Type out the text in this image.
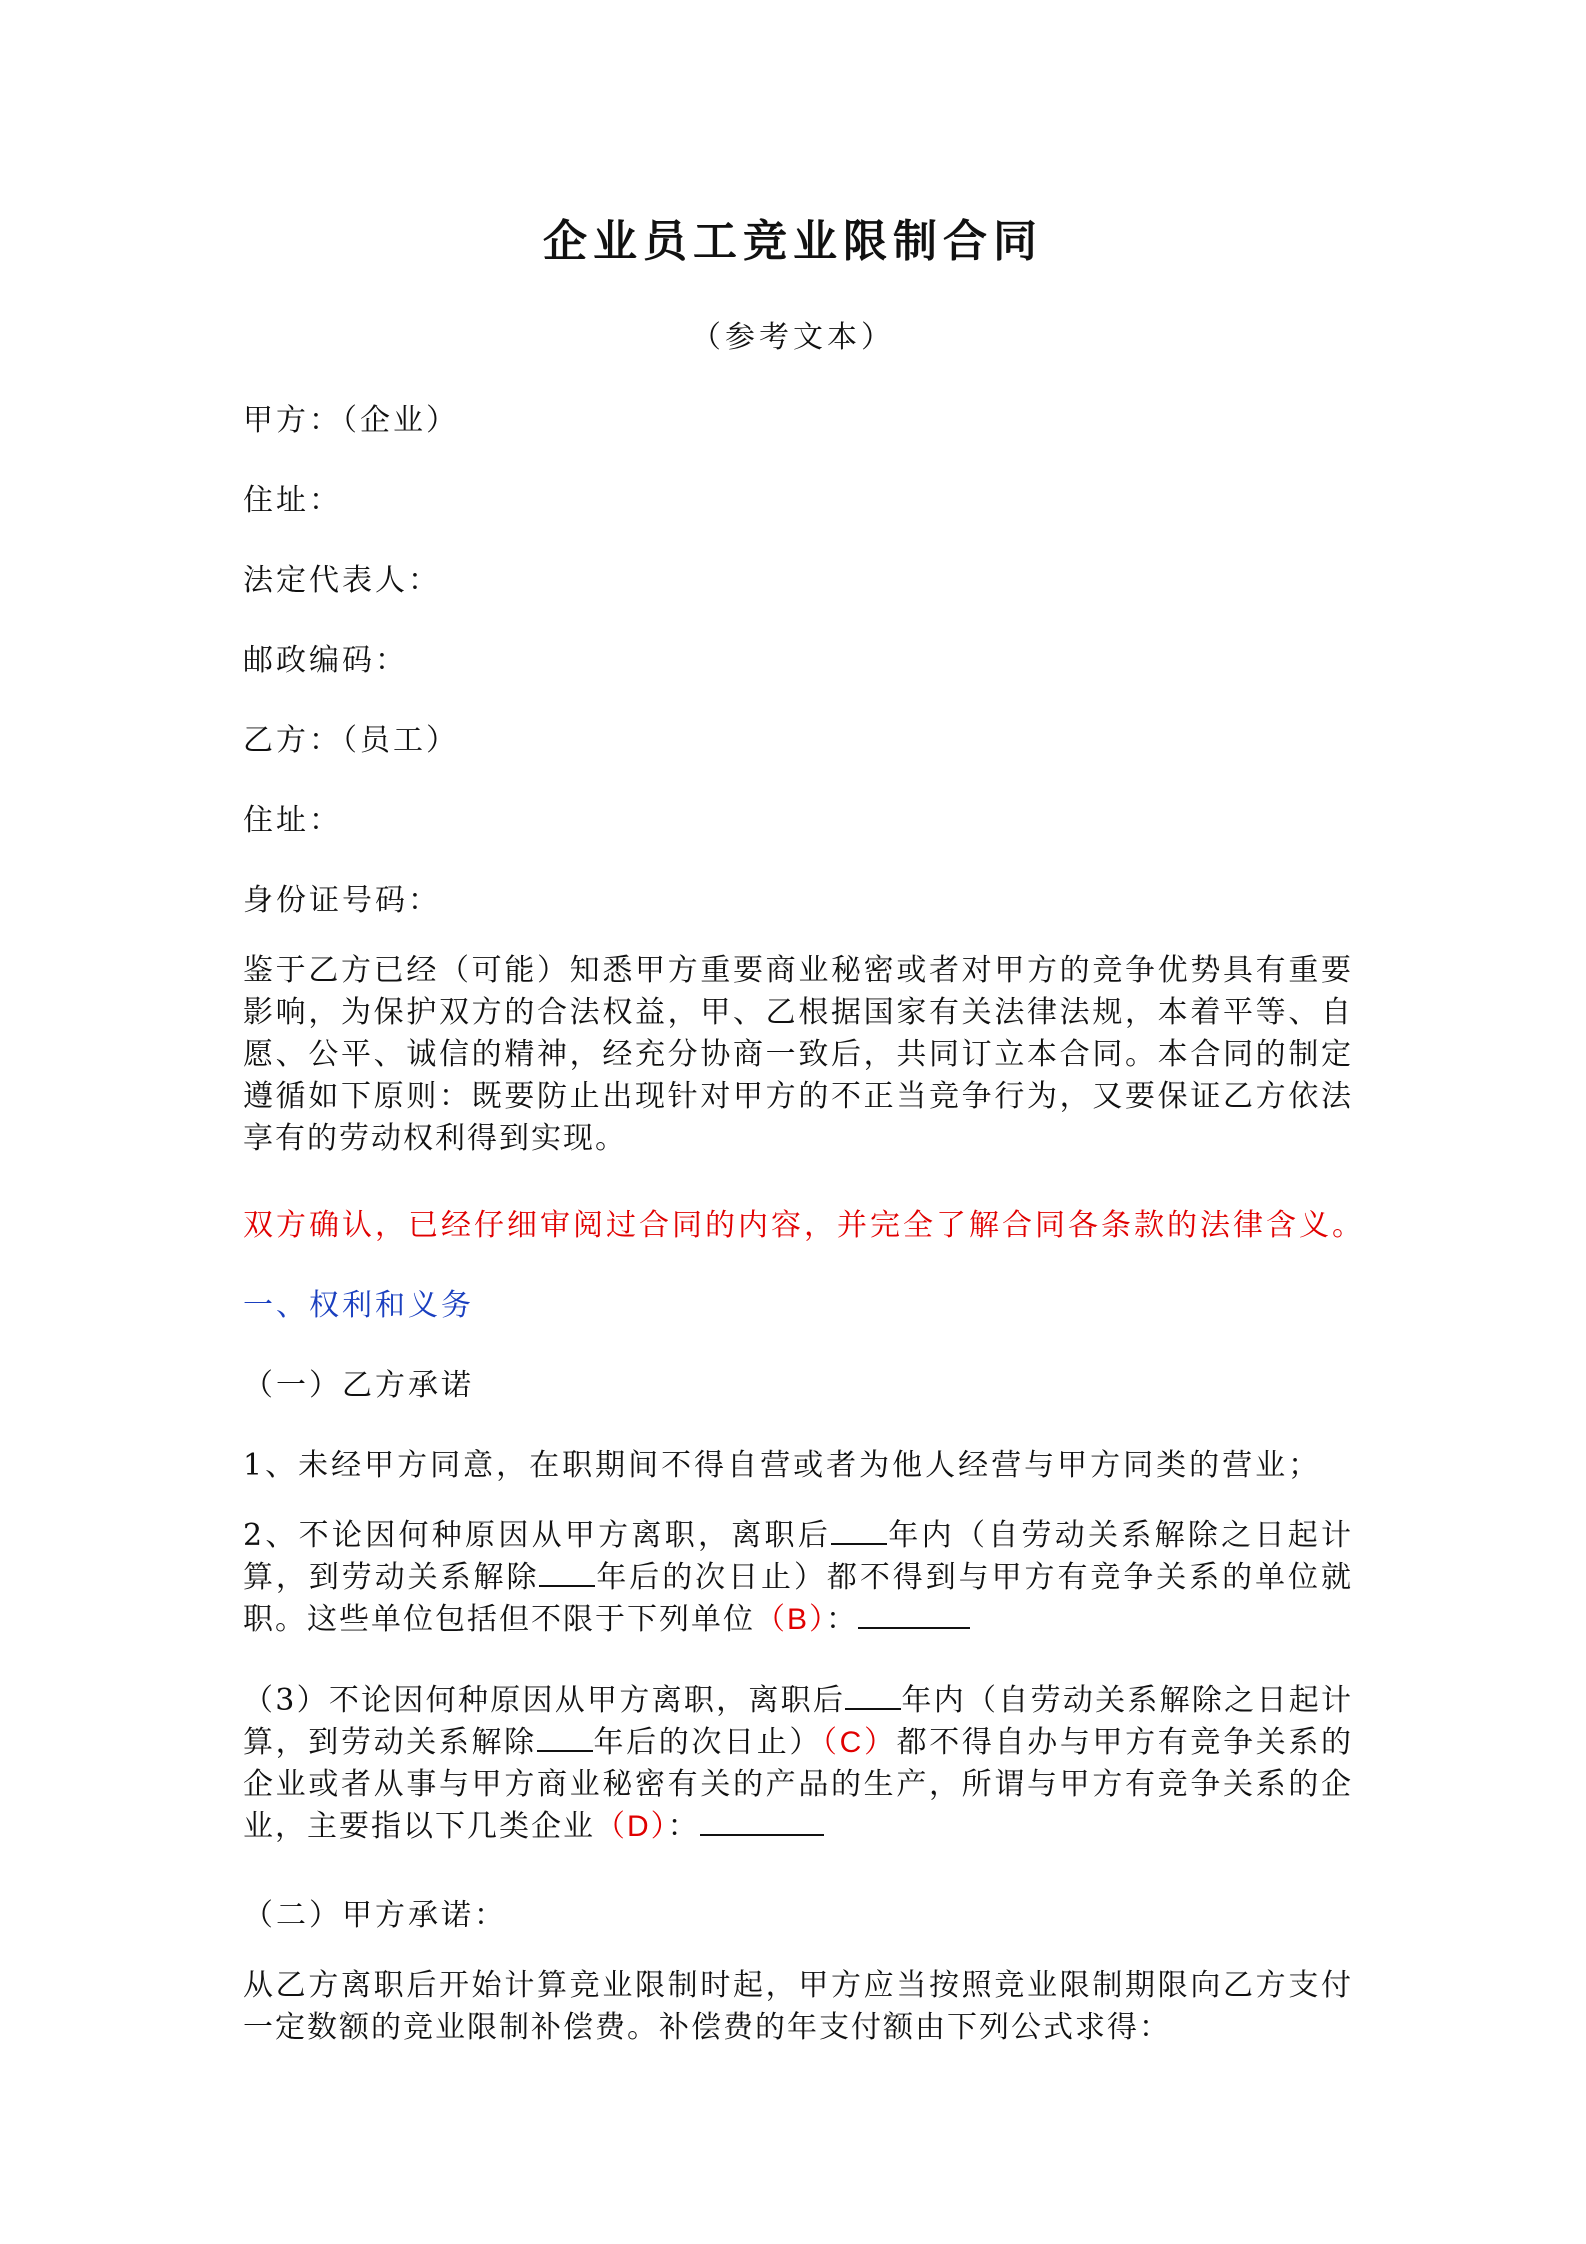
企业员工竞业限制合同
（参考文本）
甲方：（企业）
住址：
法定代表人：
邮政编码：
乙方：（员工）
住址：
身份证号码：
鉴于乙方已经（可能）知悉甲方重要商业秘密或者对甲方的竞争优势具有重要影响，为保护双方的合法权益，甲、乙根据国家有关法律法规，本着平等、自愿、公平、诚信的精神，经充分协商一致后，共同订立本合同。本合同的制定遵循如下原则：既要防止出现针对甲方的不正当竞争行为，又要保证乙方依法享有的劳动权利得到实现。
双方确认，已经仔细审阅过合同的内容，并完全了解合同各条款的法律含义。
一、权利和义务
（一）乙方承诺
1、未经甲方同意，在职期间不得自营或者为他人经营与甲方同类的营业；
2、不论因何种原因从甲方离职，离职后 年内（自劳动关系解除之日起计算，到劳动关系解除 年后的次日止）都不得到与甲方有竞争关系的单位就职。这些单位包括但不限于下列单位（B）：
（3）不论因何种原因从甲方离职，离职后 年内（自劳动关系解除之日起计算，到劳动关系解除 年后的次日止）（C）都不得自办与甲方有竞争关系的企业或者从事与甲方商业秘密有关的产品的生产，所谓与甲方有竞争关系的企业，主要指以下几类企业（D）：
（二）甲方承诺：
从乙方离职后开始计算竞业限制时起，甲方应当按照竞业限制期限向乙方支付一定数额的竞业限制补偿费。补偿费的年支付额由下列公式求得：
